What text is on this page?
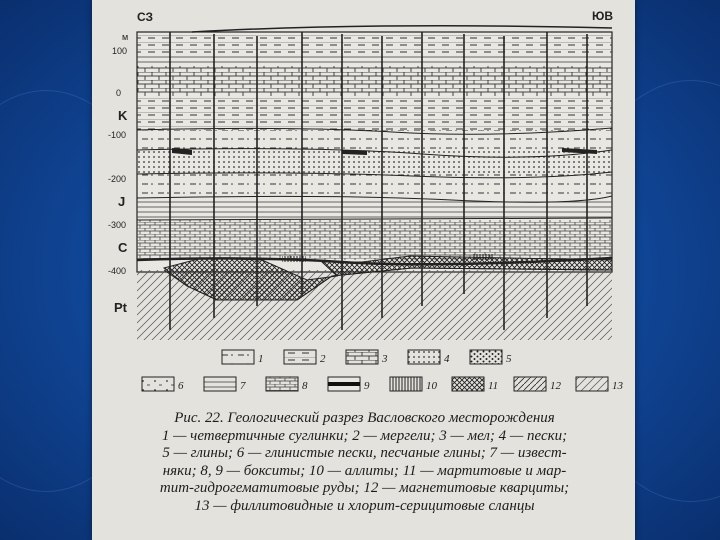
СЗ	ЮВ
м
100
0
-100
-200
-300
-400
K
J
C
Pt
1	2	3	4	5
6	7	8	9	10	11	12	13
Рис. 22. Геологический разрез Васловского месторождения
1 — четвертичные суглинки; 2 — мергели; 3 — мел; 4 — пески;
5 — глины; 6 — глинистые пески, песчаные глины; 7 — извест-
няки; 8, 9 — бокситы; 10 — аллиты; 11 — мартитовые и мар-
тит-гидрогематитовые руды; 12 — магнетитовые кварциты;
13 — филлитовидные и хлорит-серицитовые сланцы
